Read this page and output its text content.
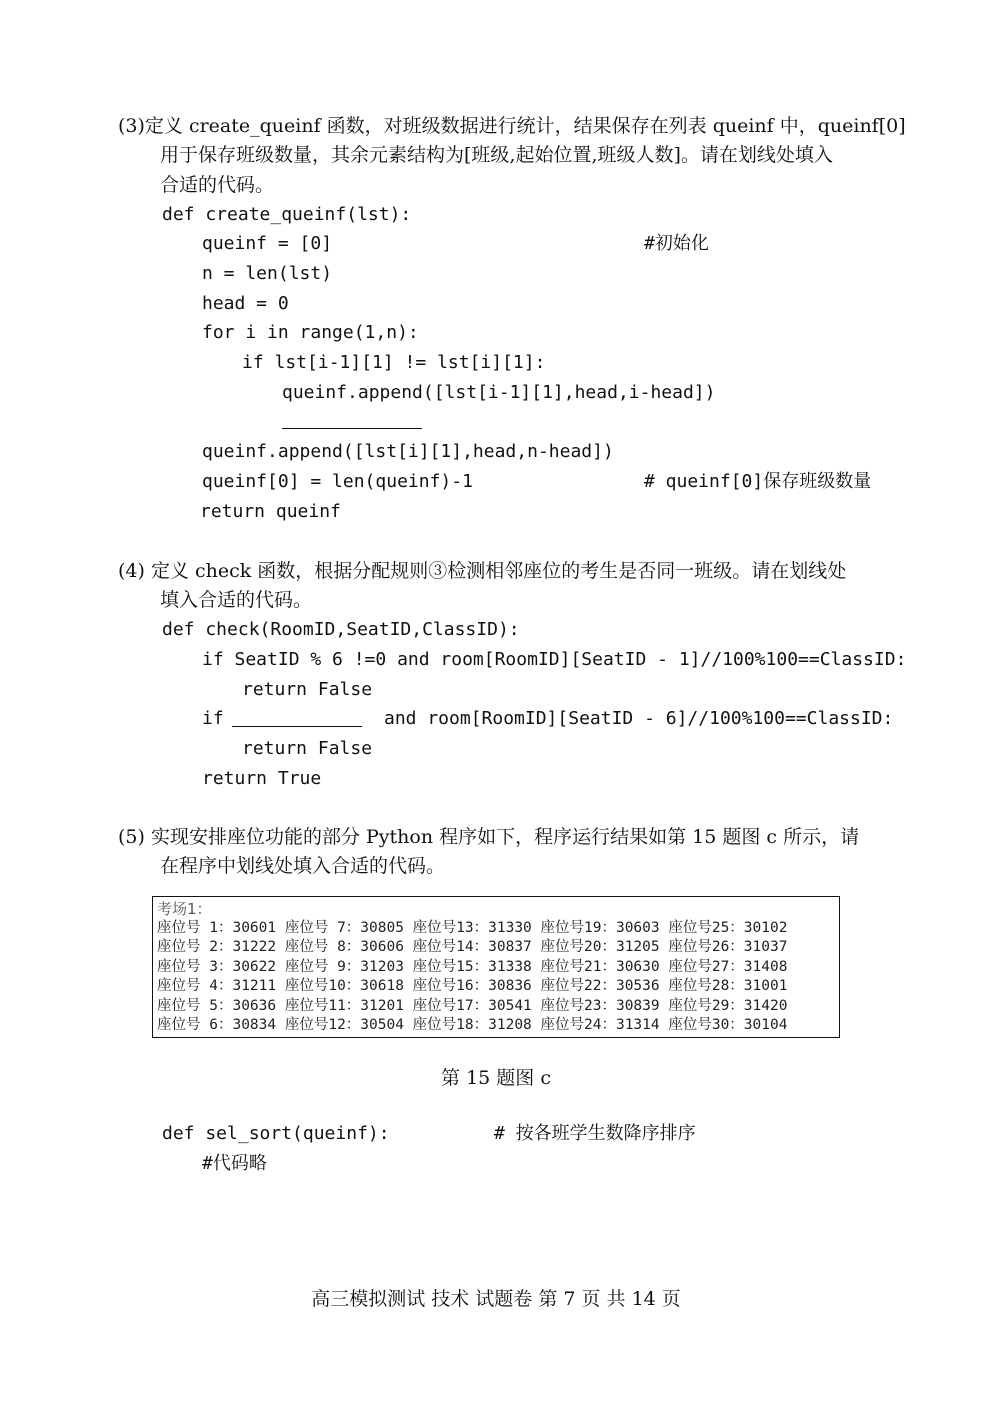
(3)定义 create_queinf 函数，对班级数据进行统计，结果保存在列表 queinf 中，queinf[0]
用于保存班级数量，其余元素结构为[班级,起始位置,班级人数]。请在划线处填入
合适的代码。
def create_queinf(lst):
queinf = [0]	#初始化
n = len(lst)
head = 0
for i in range(1,n):
if lst[i-1][1] != lst[i][1]:
queinf.append([lst[i-1][1],head,i-head])
queinf.append([lst[i][1],head,n-head])
queinf[0] = len(queinf)-1	# queinf[0]保存班级数量
return queinf
(4) 定义 check 函数，根据分配规则③检测相邻座位的考生是否同一班级。请在划线处
填入合适的代码。
def check(RoomID,SeatID,ClassID):
if SeatID % 6 !=0 and room[RoomID][SeatID - 1]//100%100==ClassID:
return False
if	and room[RoomID][SeatID - 6]//100%100==ClassID:
return False
return True
(5) 实现安排座位功能的部分 Python 程序如下，程序运行结果如第 15 题图 c 所示，请
在程序中划线处填入合适的代码。
考场1：
座位号 1：30601 座位号 7：30805 座位号13：31330 座位号19：30603 座位号25：30102
座位号 2：31222 座位号 8：30606 座位号14：30837 座位号20：31205 座位号26：31037
座位号 3：30622 座位号 9：31203 座位号15：31338 座位号21：30630 座位号27：31408
座位号 4：31211 座位号10：30618 座位号16：30836 座位号22：30536 座位号28：31001
座位号 5：30636 座位号11：31201 座位号17：30541 座位号23：30839 座位号29：31420
座位号 6：30834 座位号12：30504 座位号18：31208 座位号24：31314 座位号30：30104
第 15 题图 c
def sel_sort(queinf):	# 按各班学生数降序排序
#代码略
高三模拟测试 技术 试题卷 第 7 页 共 14 页
